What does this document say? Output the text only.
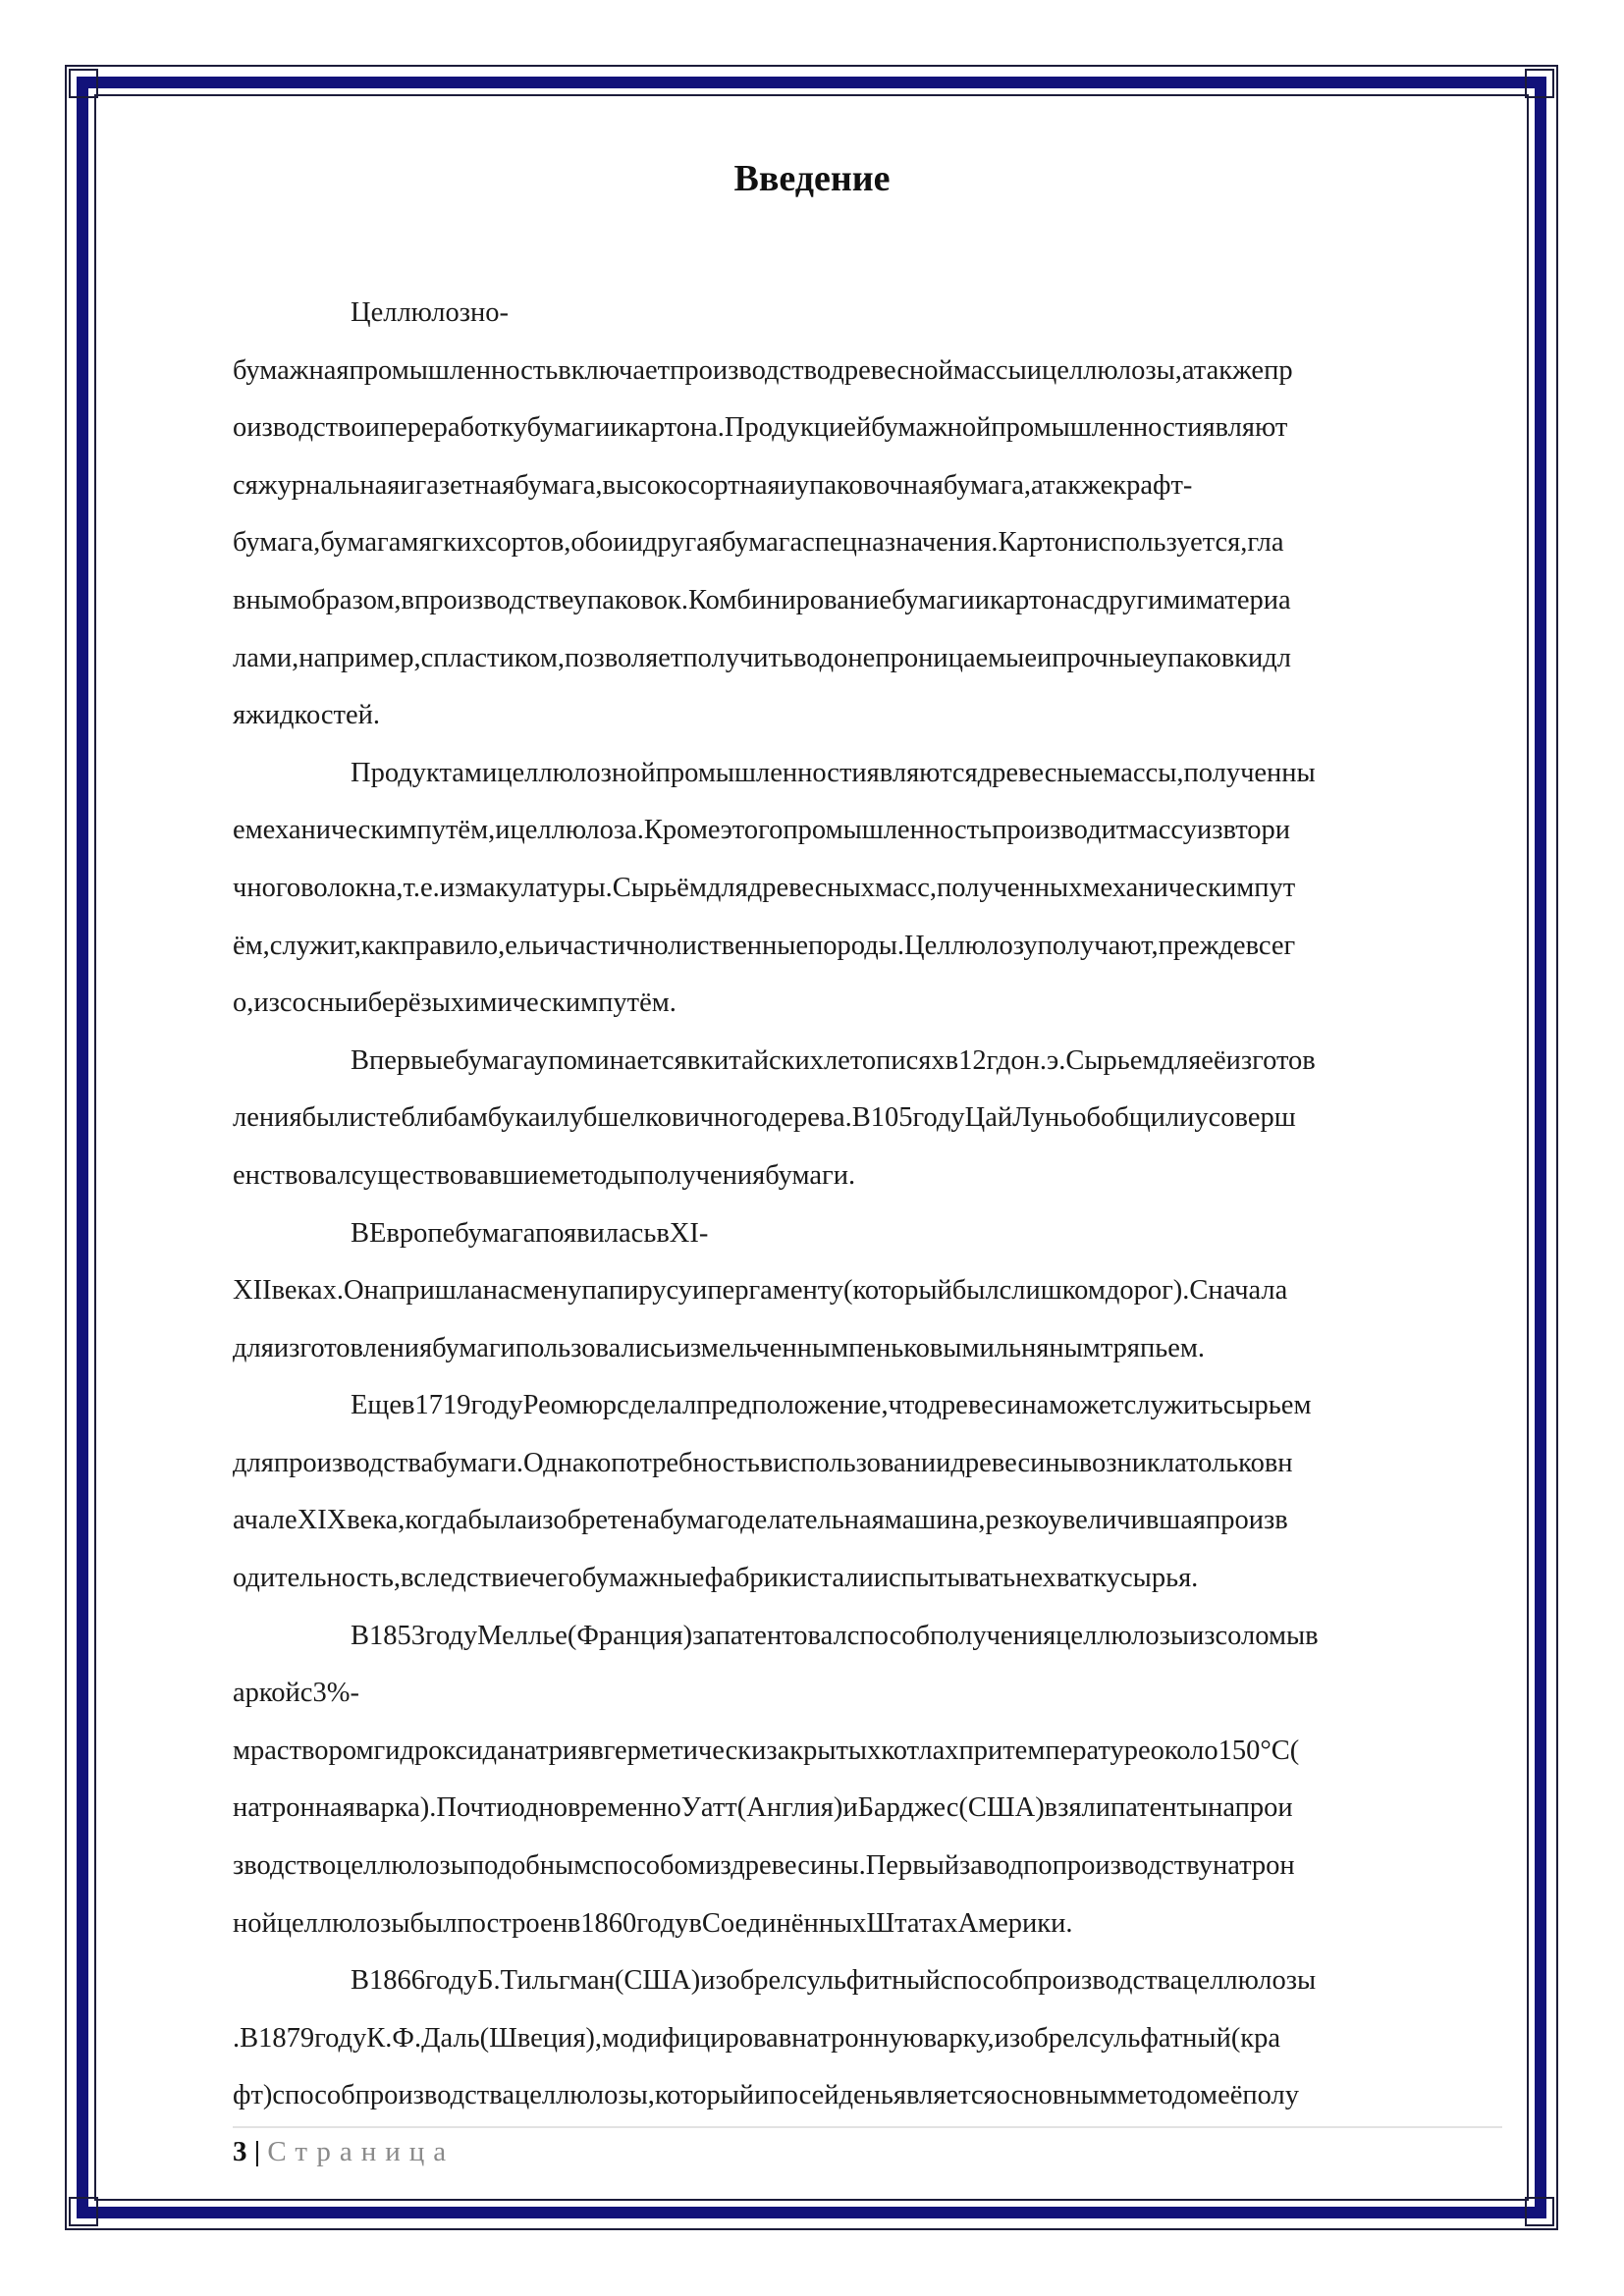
Введение
Целлюлозно-
бумажнаяпромышленностьвключаетпроизводстводревесноймассыицеллюлозы,атакжепр
оизводствоипереработкубумагиикартона.Продукциейбумажнойпромышленностиявляют
сяжурнальнаяигазетнаябумага,высокосортнаяиупаковочнаябумага,атакжекрафт-
бумага,бумагамягкихсортов,обоиидругаябумагаспецназначения.Картониспользуется,гла
внымобразом,впроизводствеупаковок.Комбинированиебумагиикартонасдругимиматериа
лами,например,спластиком,позволяетполучитьводонепроницаемыеипрочныеупаковкидл
яжидкостей.
Продуктамицеллюлознойпромышленностиявляютсядревесныемассы,полученны
емеханическимпутём,ицеллюлоза.Кромеэтогопромышленностьпроизводитмассуизвтори
чноговолокна,т.е.измакулатуры.Сырьёмдлядревесныхмасс,полученныхмеханическимпут
ём,служит,какправило,ельичастичнолиственныепороды.Целлюлозуполучают,преждевсег
о,изсосныиберёзыхимическимпутём.
Впервыебумагаупоминаетсявкитайскихлетописяхв12гдон.э.Сырьемдляеёизготов
лениябылистеблибамбукаилубшелковичногодерева.В105годуЦайЛуньобобщилиусоверш
енствовалсуществовавшиеметодыполучениябумаги.
ВЕвропебумагапоявиласьвXI-
XIIвеках.Онапришланасменупапирусуипергаменту(которыйбылслишкомдорог).Сначала
дляизготовлениябумагипользовалисьизмельченнымпеньковымильнянымтряпьем.
Ещев1719годуРеомюрсделалпредположение,чтодревесинаможетслужитьсырьем
дляпроизводствабумаги.Однакопотребностьвиспользованиидревесинывозниклатольковн
ачалеXIXвека,когдабылаизобретенабумагоделательнаямашина,резкоувеличившаяпроизв
одительность,вследствиечегобумажныефабрикисталииспытыватьнехваткусырья.
В1853годуМеллье(Франция)запатентовалспособполученияцеллюлозыизсоломыв
аркойс3%-
мрастворомгидроксиданатриявгерметическизакрытыхкотлахпритемпературеоколо150°С(
натроннаяварка).ПочтиодновременноУатт(Англия)иБарджес(США)взялипатентынапрои
зводствоцеллюлозыподобнымспособомиздревесины.Первыйзаводпопроизводствунатрон
нойцеллюлозыбылпостроенв1860годувСоединённыхШтатахАмерики.
В1866годуБ.Тильгман(США)изобрелсульфитныйспособпроизводствацеллюлозы
.В1879годуК.Ф.Даль(Швеция),модифицировавнатроннуюварку,изобрелсульфатный(кра
фт)способпроизводствацеллюлозы,которыйипосейденьявляетсяосновнымметодомеёполу
3 | Страница
